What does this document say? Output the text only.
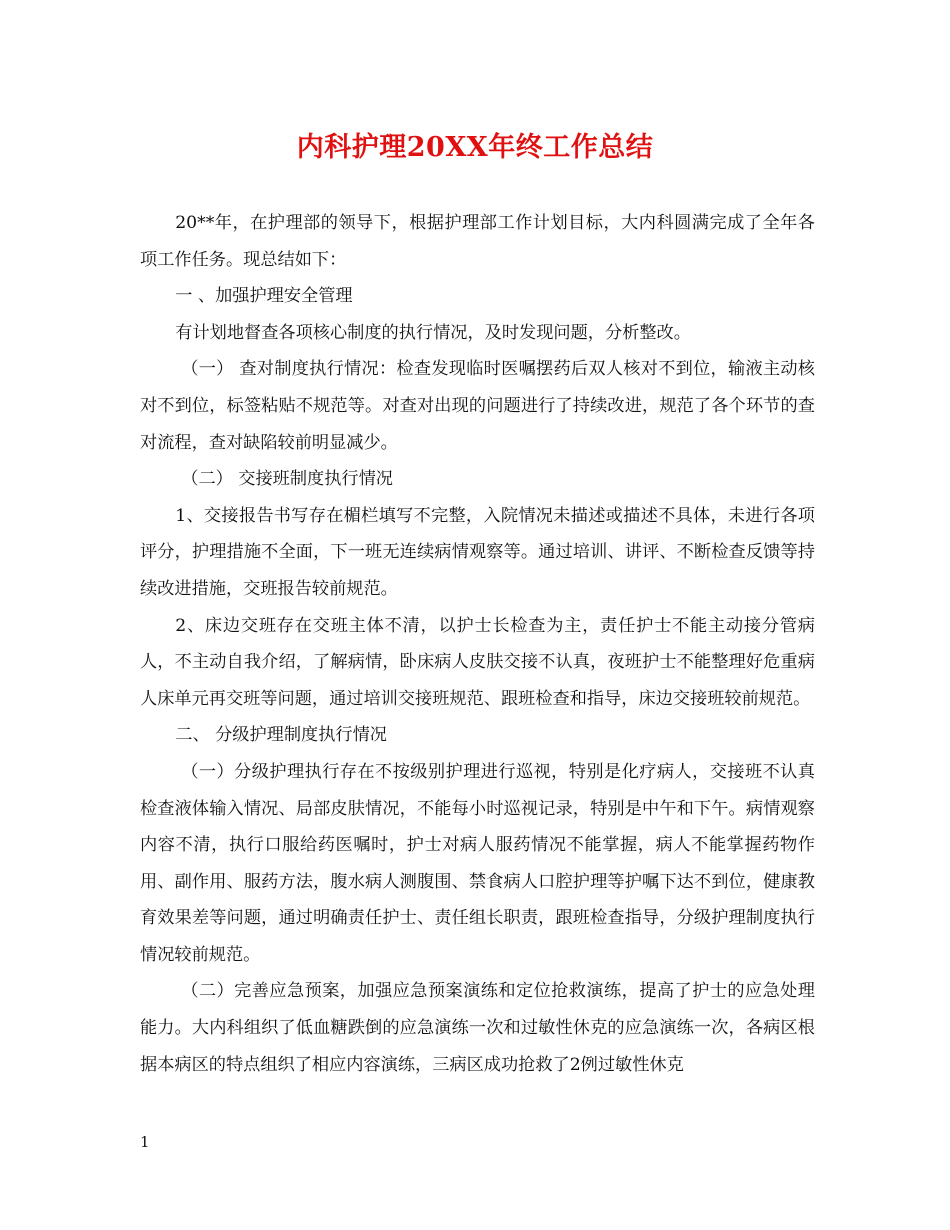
内科护理20XX年终工作总结

20**年，在护理部的领导下，根据护理部工作计划目标，大内科圆满完成了全年各项工作任务。现总结如下：

一 、加强护理安全管理

有计划地督查各项核心制度的执行情况，及时发现问题，分析整改。

（一） 查对制度执行情况：检查发现临时医嘱摆药后双人核对不到位，输液主动核对不到位，标签粘贴不规范等。对查对出现的问题进行了持续改进，规范了各个环节的查对流程，查对缺陷较前明显减少。

（二） 交接班制度执行情况

1、交接报告书写存在楣栏填写不完整，入院情况未描述或描述不具体，未进行各项评分，护理措施不全面，下一班无连续病情观察等。通过培训、讲评、不断检查反馈等持续改进措施，交班报告较前规范。

2、床边交班存在交班主体不清，以护士长检查为主，责任护士不能主动接分管病人，不主动自我介绍，了解病情，卧床病人皮肤交接不认真，夜班护士不能整理好危重病人床单元再交班等问题，通过培训交接班规范、跟班检查和指导，床边交接班较前规范。

二、 分级护理制度执行情况

（一）分级护理执行存在不按级别护理进行巡视，特别是化疗病人，交接班不认真检查液体输入情况、局部皮肤情况，不能每小时巡视记录，特别是中午和下午。病情观察内容不清，执行口服给药医嘱时，护士对病人服药情况不能掌握，病人不能掌握药物作用、副作用、服药方法，腹水病人测腹围、禁食病人口腔护理等护嘱下达不到位，健康教育效果差等问题，通过明确责任护士、责任组长职责，跟班检查指导，分级护理制度执行情况较前规范。

（二）完善应急预案，加强应急预案演练和定位抢救演练，提高了护士的应急处理能力。大内科组织了低血糖跌倒的应急演练一次和过敏性休克的应急演练一次，各病区根据本病区的特点组织了相应内容演练，三病区成功抢救了2例过敏性休克

1
